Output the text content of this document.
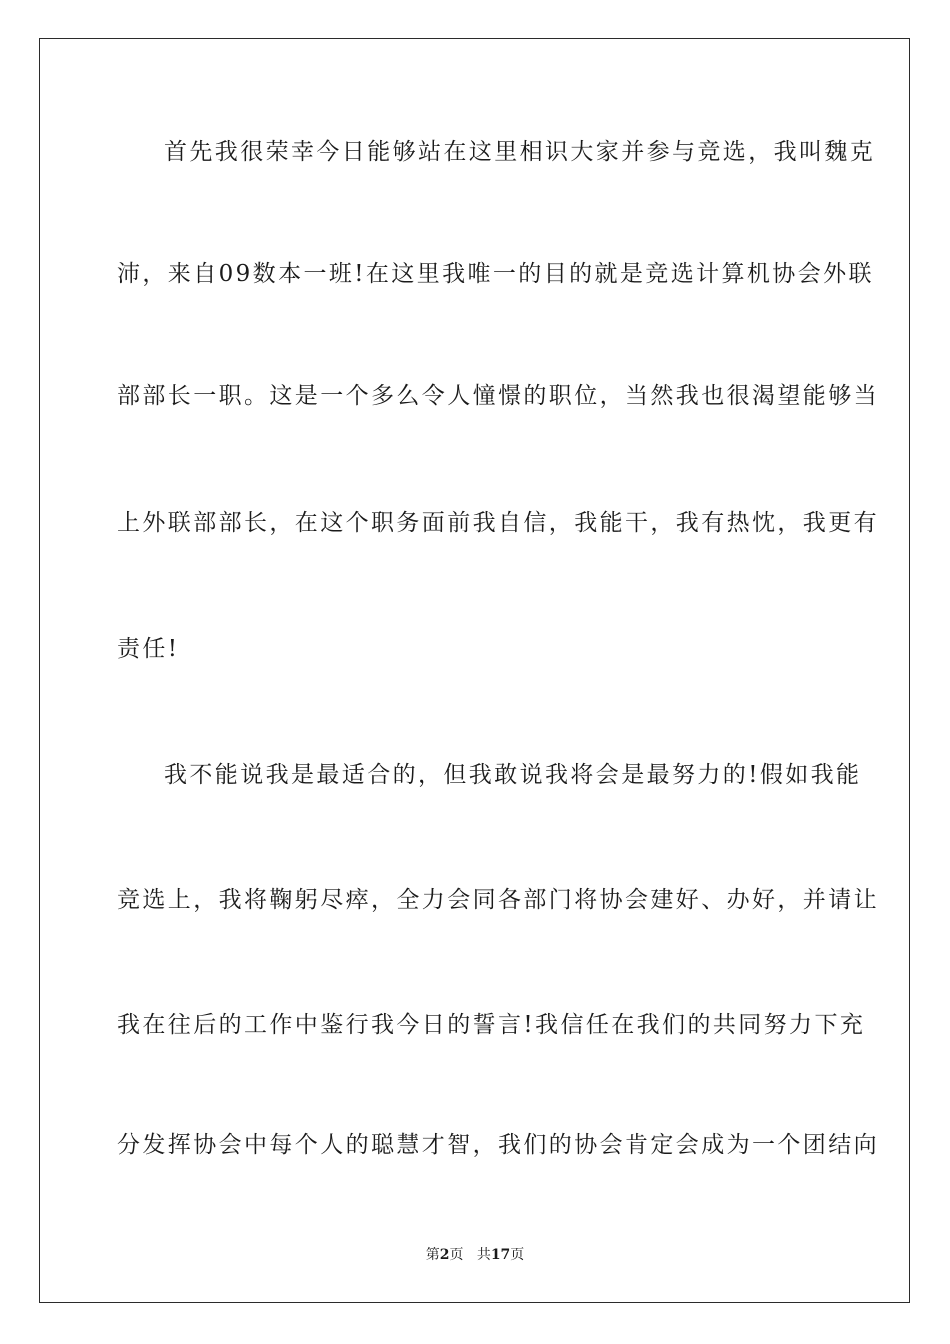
首先我很荣幸今日能够站在这里相识大家并参与竞选，我叫魏克
沛，来自09数本一班!在这里我唯一的目的就是竞选计算机协会外联
部部长一职。这是一个多么令人憧憬的职位，当然我也很渴望能够当
上外联部部长，在这个职务面前我自信，我能干，我有热忱，我更有
责任!
我不能说我是最适合的，但我敢说我将会是最努力的!假如我能
竞选上，我将鞠躬尽瘁，全力会同各部门将协会建好、办好，并请让
我在往后的工作中鉴行我今日的誓言!我信任在我们的共同努力下充
分发挥协会中每个人的聪慧才智，我们的协会肯定会成为一个团结向
第2页 共17页
